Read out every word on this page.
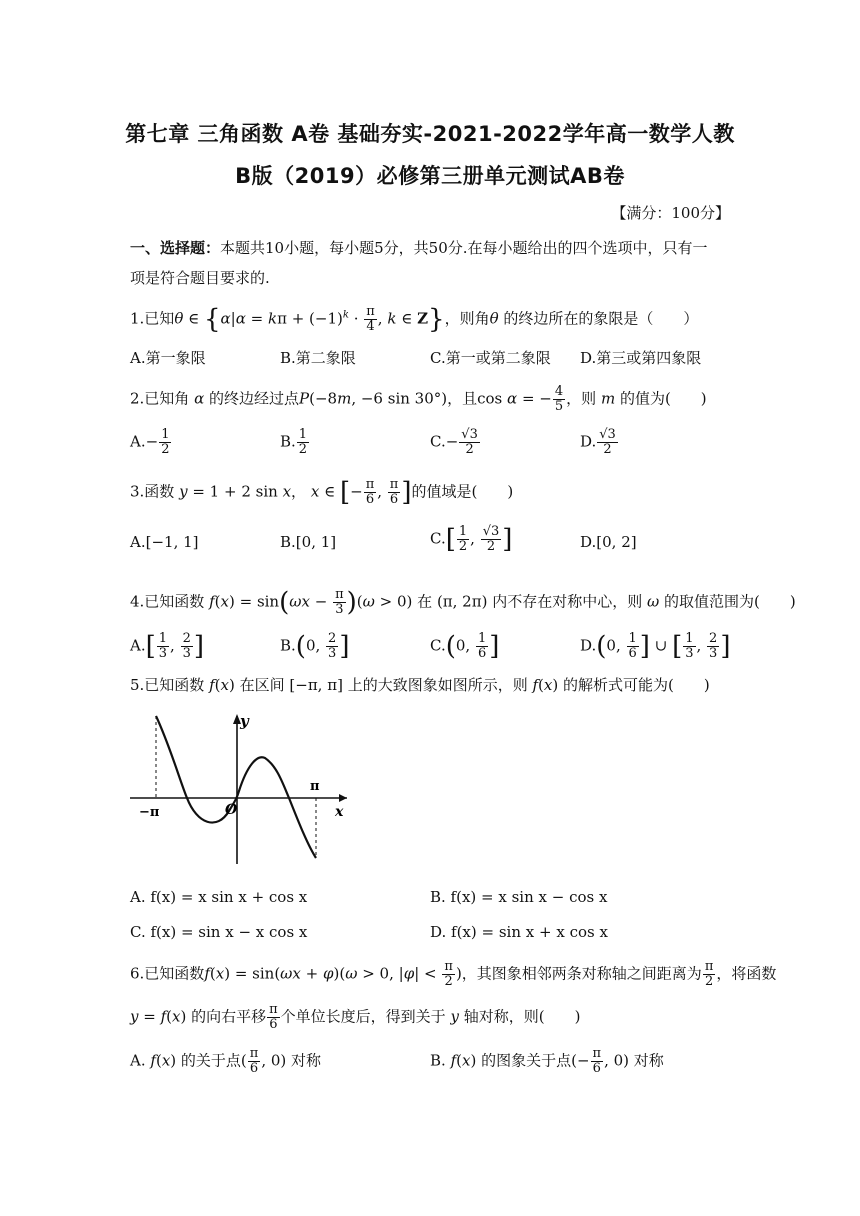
第七章 三角函数 A卷 基础夯实-2021-2022学年高一数学人教
B版（2019）必修第三册单元测试AB卷
【满分：100分】
一、选择题：本题共10小题，每小题5分，共50分.在每小题给出的四个选项中，只有一
项是符合题目要求的.
1.已知θ ∈ {$\alpha|\alpha = k\pi + (-1)^k \cdot \frac{\pi}{4}$ , k ∈ Z}，则角θ 的终边所在的象限是（　　）
A.第一象限	B.第二象限	C.第一或第二象限 D.第三或第四象限
2.已知角 α 的终边经过点P(−8m, −6 sin 30°)，且cos α = − $\frac{4}{5}$ ，则 m 的值为(　　)
$A.- \frac{1}{2}$	B. $\frac{1}{2}$	$C.- \frac{√3}{2}$	D. $\frac{√3}{2}$
3.函数 y = 1 + 2 sin x， x ∈ [− $\frac{\pi}{6}$ , $\frac{\pi}{6}$ ]的值域是(　　)
A.[−1, 1]	B.[0, 1]	$C.[ \frac{1}{2}$ , $\frac{√3}{2}$ ]	D.[0, 2]
4.已知函数 $f(x) = \sin(\omega x - \frac{\pi}{3} )(\omega > 0)$ 在 (π, 2π) 内不存在对称中心，则 ω 的取值范围为(　　)
$A.[ \frac{1}{3}$ , $\frac{2}{3}$ ]	B.(0, $\frac{2}{3}$ ]	C.(0, $\frac{1}{6}$ ]	D.(0, $\frac{1}{6}$ ] ∪ [ $\frac{1}{3}$ , $\frac{2}{3}$ ]
5.已知函数 f(x) 在区间 [−π, π] 上的大致图象如图所示，则 f(x) 的解析式可能为(　　)
y
x
O
−π
π
A. f(x) = x sin x + cos x	B. f(x) = x sin x − cos x
C. f(x) = sin x − x cos x	D. f(x) = sin x + x cos x
6.已知函数f(x) = sin(ωx + φ)(ω > 0, $|\varphi| < \frac{\pi}{2}$ )，其图象相邻两条对称轴之间距离为 $\frac{\pi}{2}$ ，将函数
y = f(x) 的向右平移 $\frac{\pi}{6}$ 个单位长度后，得到关于 y 轴对称，则(　　)
A. f(x) 的关于点( $\frac{\pi}{6}$ , 0) 对称	B. f(x) 的图象关于点(− $\frac{\pi}{6}$ , 0) 对称
